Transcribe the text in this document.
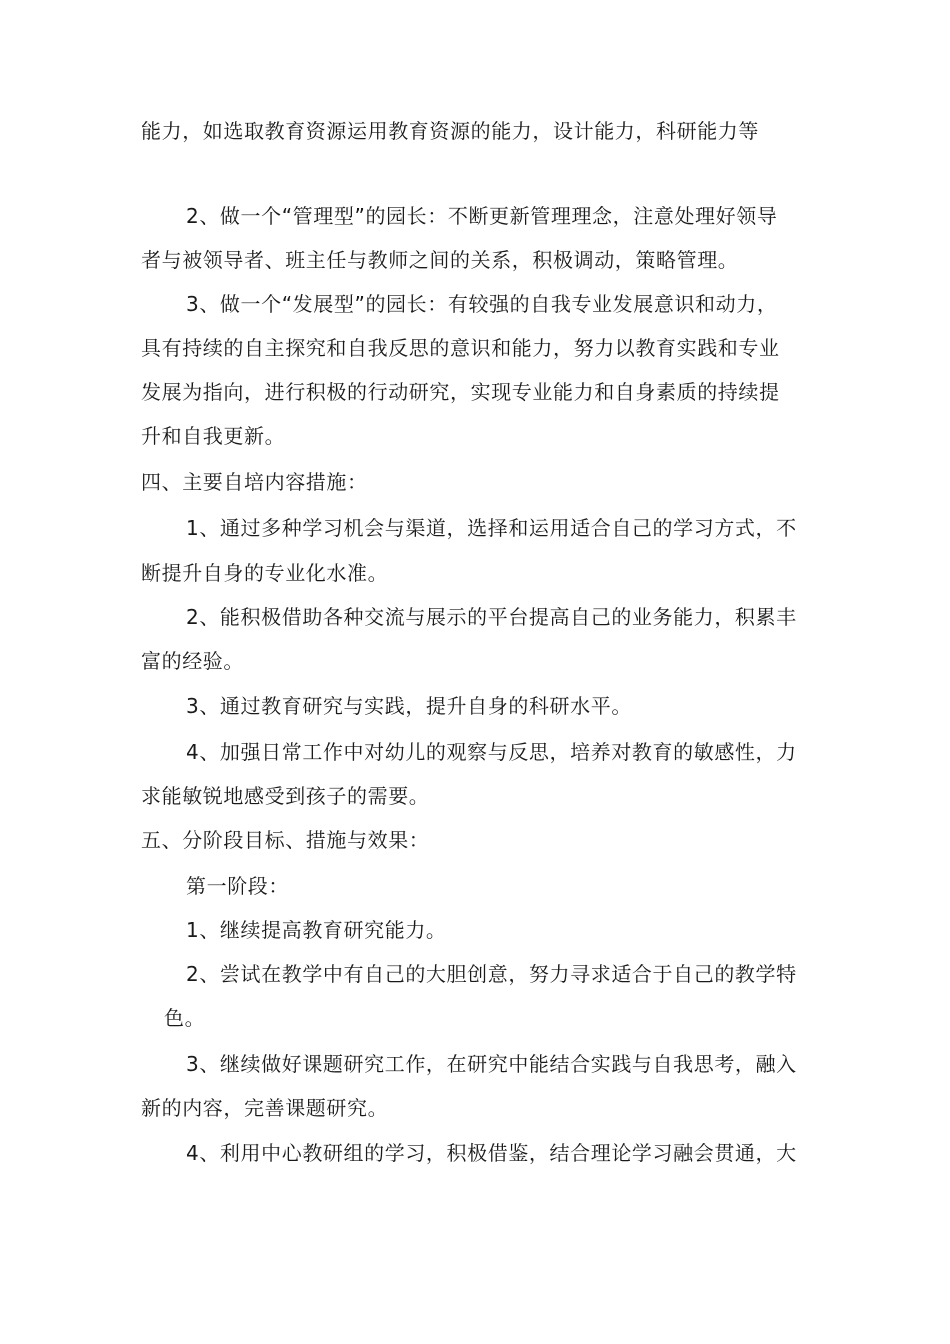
能力，如选取教育资源运用教育资源的能力，设计能力，科研能力等
2、做一个“管理型”的园长：不断更新管理理念，注意处理好领导
者与被领导者、班主任与教师之间的关系，积极调动，策略管理。
3、做一个“发展型”的园长：有较强的自我专业发展意识和动力，
具有持续的自主探究和自我反思的意识和能力，努力以教育实践和专业
发展为指向，进行积极的行动研究，实现专业能力和自身素质的持续提
升和自我更新。
四、主要自培内容措施：
1、通过多种学习机会与渠道，选择和运用适合自己的学习方式，不
断提升自身的专业化水准。
2、能积极借助各种交流与展示的平台提高自己的业务能力，积累丰
富的经验。
3、通过教育研究与实践，提升自身的科研水平。
4、加强日常工作中对幼儿的观察与反思，培养对教育的敏感性，力
求能敏锐地感受到孩子的需要。
五、分阶段目标、措施与效果：
第一阶段：
1、继续提高教育研究能力。
2、尝试在教学中有自己的大胆创意，努力寻求适合于自己的教学特
色。
3、继续做好课题研究工作，在研究中能结合实践与自我思考，融入
新的内容，完善课题研究。
4、利用中心教研组的学习，积极借鉴，结合理论学习融会贯通，大
